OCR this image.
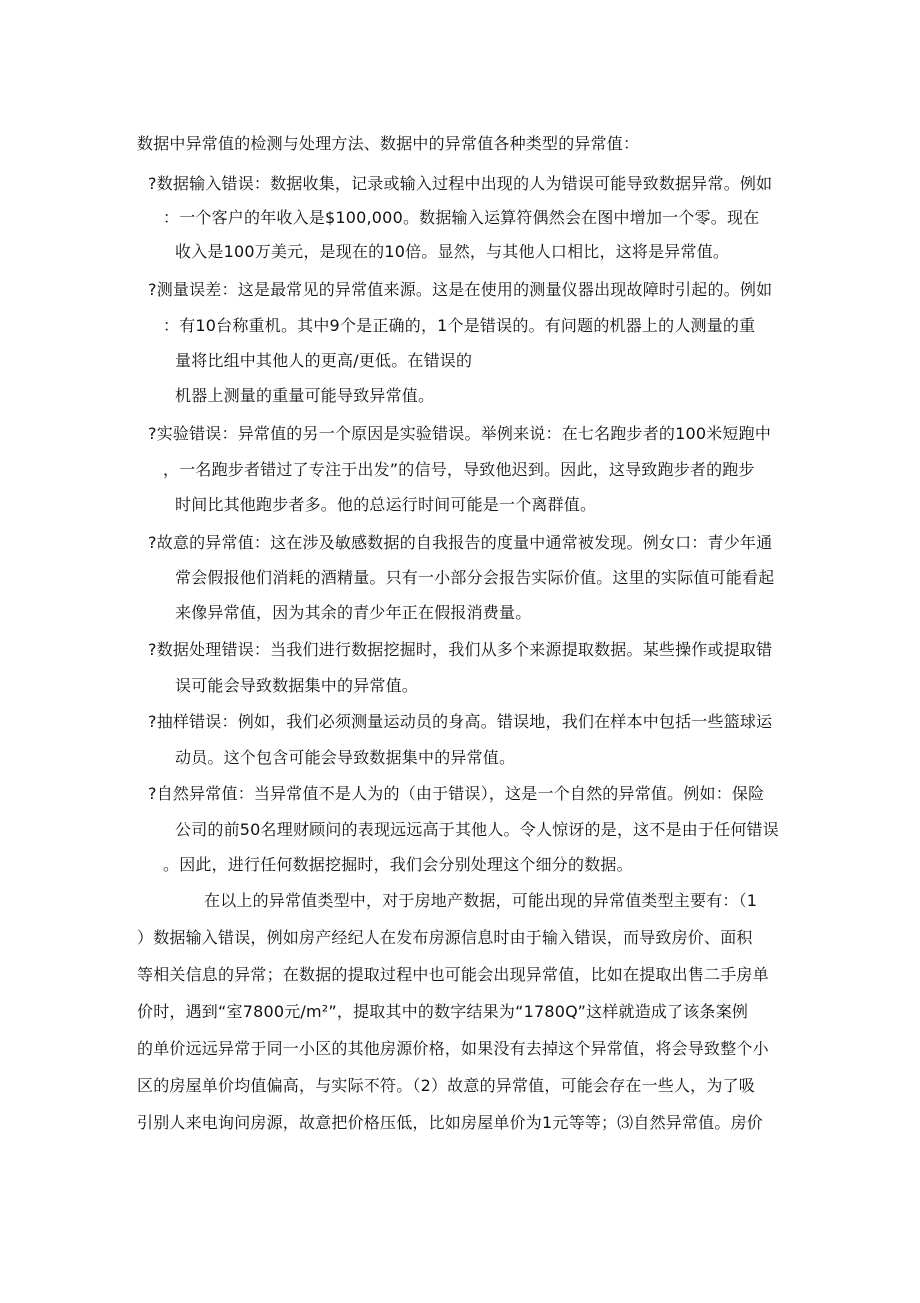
数据中异常值的检测与处理方法、数据中的异常值各种类型的异常值：
?数据输入错误：数据收集，记录或输入过程中出现的人为错误可能导致数据异常。例如
：一个客户的年收入是$100,000。数据输入运算符偶然会在图中增加一个零。现在
收入是100万美元，是现在的10倍。显然，与其他人口相比，这将是异常值。
?测量误差：这是最常见的异常值来源。这是在使用的测量仪器出现故障时引起的。例如
：有10台称重机。其中9个是正确的，1个是错误的。有问题的机器上的人测量的重
量将比组中其他人的更高/更低。在错误的
机器上测量的重量可能导致异常值。
?实验错误：异常值的另一个原因是实验错误。举例来说：在七名跑步者的100米短跑中
，一名跑步者错过了专注于出发”的信号，导致他迟到。因此，这导致跑步者的跑步
时间比其他跑步者多。他的总运行时间可能是一个离群值。
?故意的异常值：这在涉及敏感数据的自我报告的度量中通常被发现。例女口：青少年通
常会假报他们消耗的酒精量。只有一小部分会报告实际价值。这里的实际值可能看起
来像异常值，因为其余的青少年正在假报消费量。
?数据处理错误：当我们进行数据挖掘时，我们从多个来源提取数据。某些操作或提取错
误可能会导致数据集中的异常值。
?抽样错误：例如，我们必须测量运动员的身高。错误地，我们在样本中包括一些篮球运
动员。这个包含可能会导致数据集中的异常值。
?自然异常值：当异常值不是人为的（由于错误），这是一个自然的异常值。例如：保险
公司的前50名理财顾问的表现远远高于其他人。令人惊讶的是，这不是由于任何错误
。因此，进行任何数据挖掘时，我们会分别处理这个细分的数据。
在以上的异常值类型中，对于房地产数据，可能出现的异常值类型主要有：（1
）数据输入错误，例如房产经纪人在发布房源信息时由于输入错误，而导致房价、面积
等相关信息的异常；在数据的提取过程中也可能会出现异常值，比如在提取出售二手房单
价时，遇到“室7800元/m²”，提取其中的数字结果为“1780Q”这样就造成了该条案例
的单价远远异常于同一小区的其他房源价格，如果没有去掉这个异常值，将会导致整个小
区的房屋单价均值偏高，与实际不符。（2）故意的异常值，可能会存在一些人，为了吸
引别人来电询问房源，故意把价格压低，比如房屋单价为1元等等；⑶自然异常值。房价
